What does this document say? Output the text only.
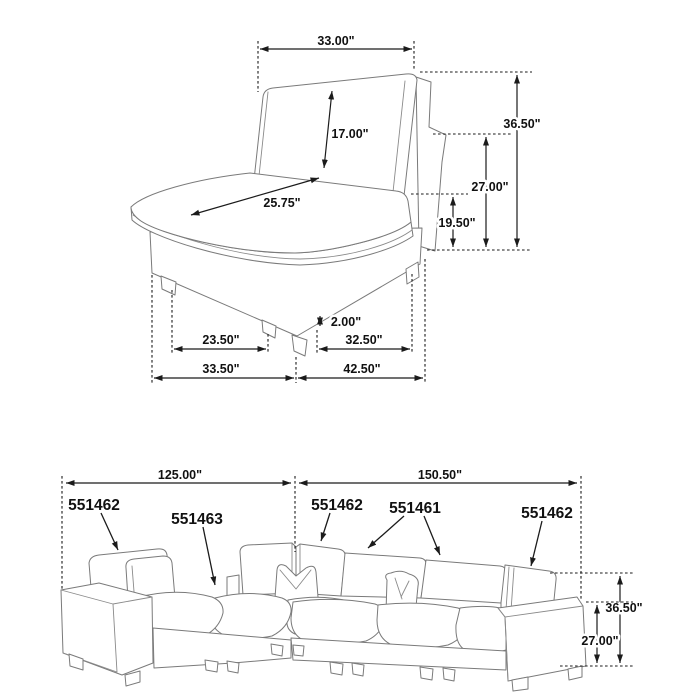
33.00"
36.50"
27.00"
19.50"
17.00"
25.75"
2.00"
23.50"	32.50"
33.50"	42.50"
125.00"	150.50"
36.50"
27.00"
551462
551463
551462 551461	551462
